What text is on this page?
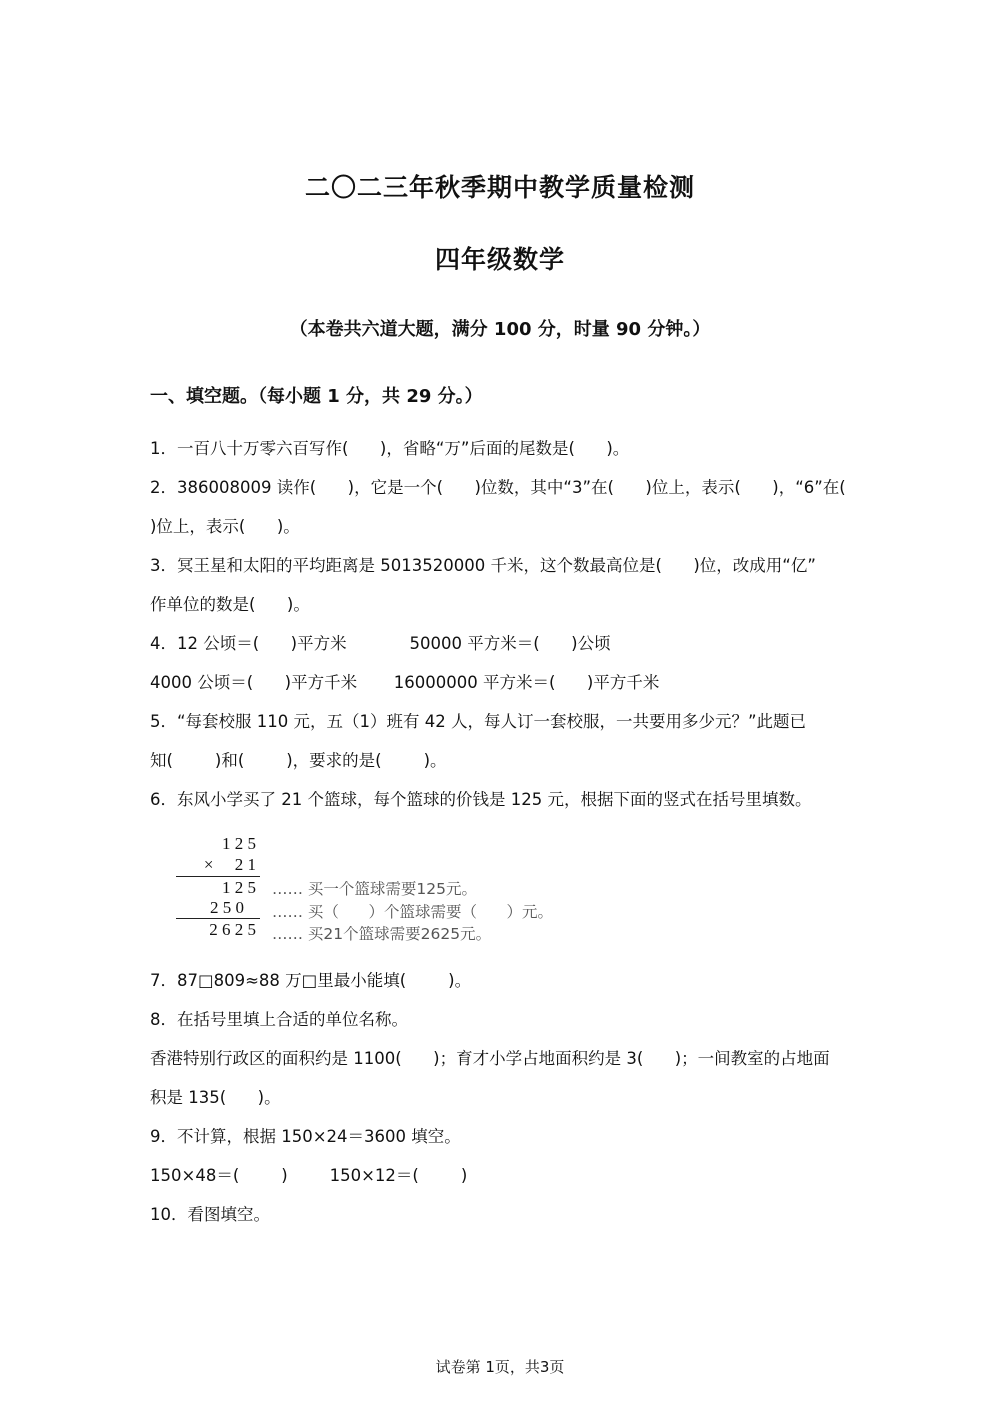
二〇二三年秋季期中教学质量检测
四年级数学
（本卷共六道大题，满分 100 分，时量 90 分钟。）
一、填空题。（每小题 1 分，共 29 分。）
1．一百八十万零六百写作(      )，省略“万”后面的尾数是(      )。
2．386008009 读作(      )，它是一个(      )位数，其中“3”在(      )位上，表示(      )，“6”在(
)位上，表示(      )。
3．冥王星和太阳的平均距离是 5013520000 千米，这个数最高位是(      )位，改成用“亿”
作单位的数是(      )。
4．12 公顷＝(      )平方米            50000 平方米＝(      )公顷
4000 公顷＝(      )平方千米       16000000 平方米＝(      )平方千米
5．“每套校服 110 元，五（1）班有 42 人，每人订一套校服，一共要用多少元？”此题已
知(        )和(        )，要求的是(        )。
6．东风小学买了 21 个篮球，每个篮球的价钱是 125 元，根据下面的竖式在括号里填数。
1 2 5
×     2 1
1 2 5
2 5 0
2 6 2 5
…… 买一个篮球需要125元。
…… 买（      ）个篮球需要（      ）元。
…… 买21个篮球需要2625元。
7．87□809≈88 万□里最小能填(        )。
8．在括号里填上合适的单位名称。
香港特别行政区的面积约是 1100(      )；育才小学占地面积约是 3(      )；一间教室的占地面
积是 135(      )。
9．不计算，根据 150×24＝3600 填空。
150×48＝(        )        150×12＝(        )
10．看图填空。
试卷第 1页，共3页
